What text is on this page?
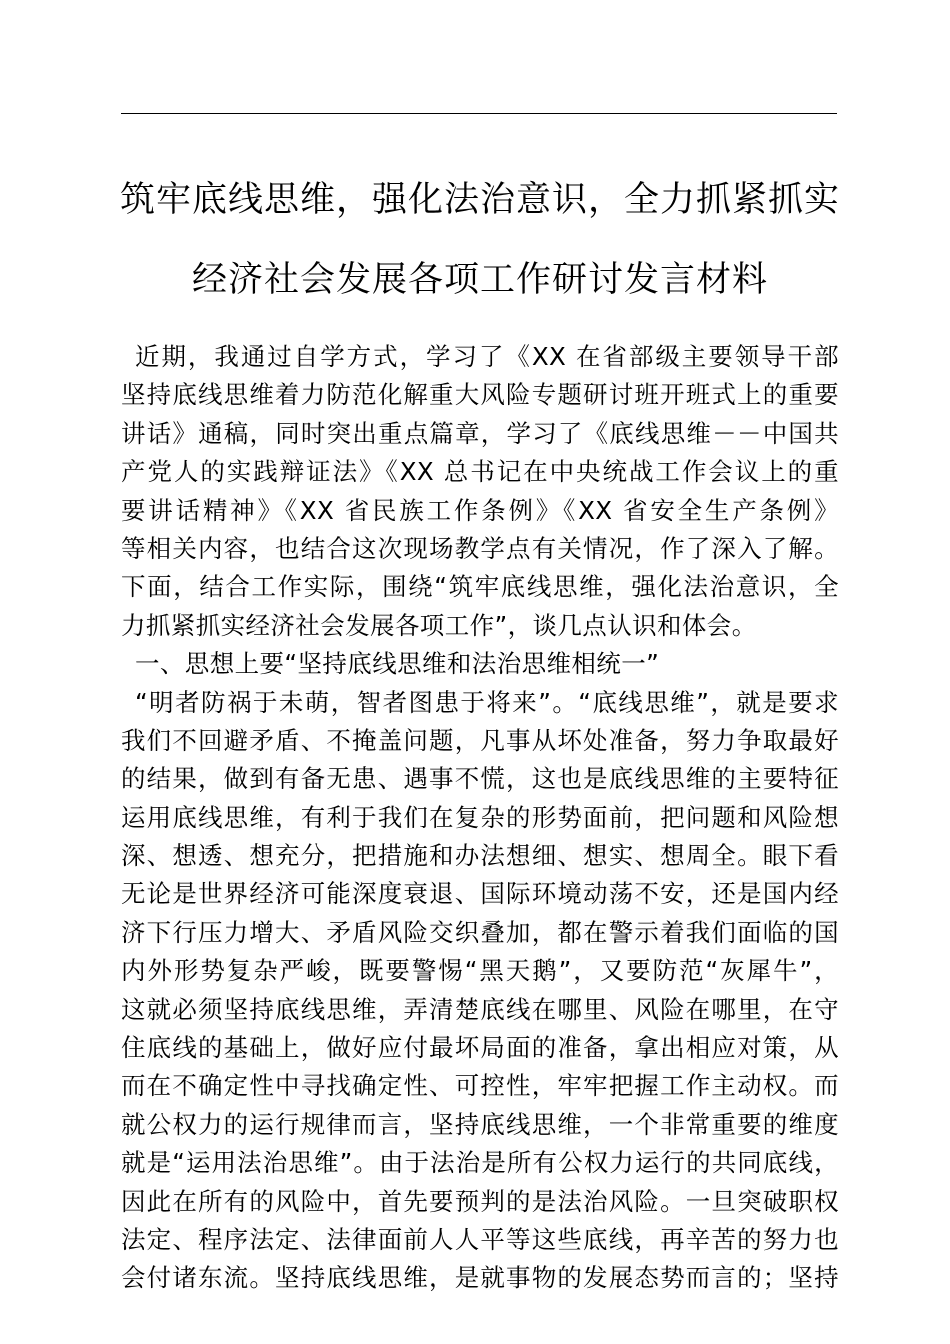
筑牢底线思维，强化法治意识，全力抓紧抓实
经济社会发展各项工作研讨发言材料
近期，我通过自学方式，学习了《XX 在省部级主要领导干部
坚持底线思维着力防范化解重大风险专题研讨班开班式上的重要
讲话》通稿，同时突出重点篇章，学习了《底线思维－－中国共
产党人的实践辩证法》《XX 总书记在中央统战工作会议上的重
要讲话精神》《XX 省民族工作条例》《XX 省安全生产条例》
等相关内容，也结合这次现场教学点有关情况，作了深入了解。
下面，结合工作实际，围绕“筑牢底线思维，强化法治意识，全
力抓紧抓实经济社会发展各项工作”，谈几点认识和体会。
一、思想上要“坚持底线思维和法治思维相统一”
“明者防祸于未萌，智者图患于将来”。“底线思维”，就是要求
我们不回避矛盾、不掩盖问题，凡事从坏处准备，努力争取最好
的结果，做到有备无患、遇事不慌，这也是底线思维的主要特征
运用底线思维，有利于我们在复杂的形势面前，把问题和风险想
深、想透、想充分，把措施和办法想细、想实、想周全。眼下看
无论是世界经济可能深度衰退、国际环境动荡不安，还是国内经
济下行压力增大、矛盾风险交织叠加，都在警示着我们面临的国
内外形势复杂严峻，既要警惕“黑天鹅”，又要防范“灰犀牛”，
这就必须坚持底线思维，弄清楚底线在哪里、风险在哪里，在守
住底线的基础上，做好应付最坏局面的准备，拿出相应对策，从
而在不确定性中寻找确定性、可控性，牢牢把握工作主动权。而
就公权力的运行规律而言，坚持底线思维，一个非常重要的维度
就是“运用法治思维”。由于法治是所有公权力运行的共同底线，
因此在所有的风险中，首先要预判的是法治风险。一旦突破职权
法定、程序法定、法律面前人人平等这些底线，再辛苦的努力也
会付诸东流。坚持底线思维，是就事物的发展态势而言的；坚持
